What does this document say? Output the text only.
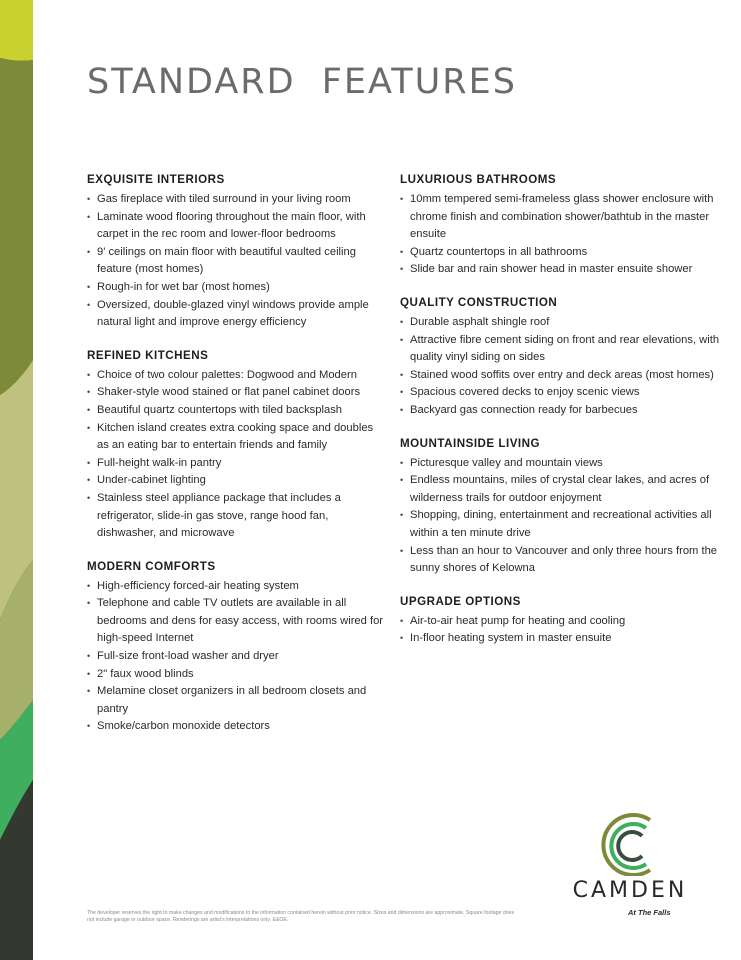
STANDARD  FEATURES
EXQUISITE INTERIORS
• Gas fireplace with tiled surround in your living room
• Laminate wood flooring throughout the main floor, with carpet in the rec room and lower-floor bedrooms
• 9' ceilings on main floor with beautiful vaulted ceiling feature (most homes)
• Rough-in for wet bar (most homes)
• Oversized, double-glazed vinyl windows provide ample natural light and improve energy efficiency
REFINED KITCHENS
• Choice of two colour palettes: Dogwood and Modern
• Shaker-style wood stained or flat panel cabinet doors
• Beautiful quartz countertops with tiled backsplash
• Kitchen island creates extra cooking space and doubles as an eating bar to entertain friends and family
• Full-height walk-in pantry
• Under-cabinet lighting
• Stainless steel appliance package that includes a refrigerator, slide-in gas stove, range hood fan, dishwasher, and microwave
MODERN COMFORTS
• High-efficiency forced-air heating system
• Telephone and cable TV outlets are available in all bedrooms and dens for easy access, with rooms wired for high-speed Internet
• Full-size front-load washer and dryer
• 2" faux wood blinds
• Melamine closet organizers in all bedroom closets and pantry
• Smoke/carbon monoxide detectors
LUXURIOUS BATHROOMS
• 10mm tempered semi-frameless glass shower enclosure with chrome finish and combination shower/bathtub in the master ensuite
• Quartz countertops in all bathrooms
• Slide bar and rain shower head in master ensuite shower
QUALITY CONSTRUCTION
• Durable asphalt shingle roof
• Attractive fibre cement siding on front and rear elevations, with quality vinyl siding on sides
• Stained wood soffits over entry and deck areas (most homes)
• Spacious covered decks to enjoy scenic views
• Backyard gas connection ready for barbecues
MOUNTAINSIDE LIVING
• Picturesque valley and mountain views
• Endless mountains, miles of crystal clear lakes, and acres of wilderness trails for outdoor enjoyment
• Shopping, dining, entertainment and recreational activities all within a ten minute drive
• Less than an hour to Vancouver and only three hours from the sunny shores of Kelowna
UPGRADE OPTIONS
• Air-to-air heat pump for heating and cooling
• In-floor heating system in master ensuite
The developer reserves the right to make changes and modifications to the information contained herein without prior notice. Sizes and dimensions are approximate. Square footage does not include garage or outdoor space. Renderings are artist's interpretations only. E&OE.
CAMDEN
At The Falls
